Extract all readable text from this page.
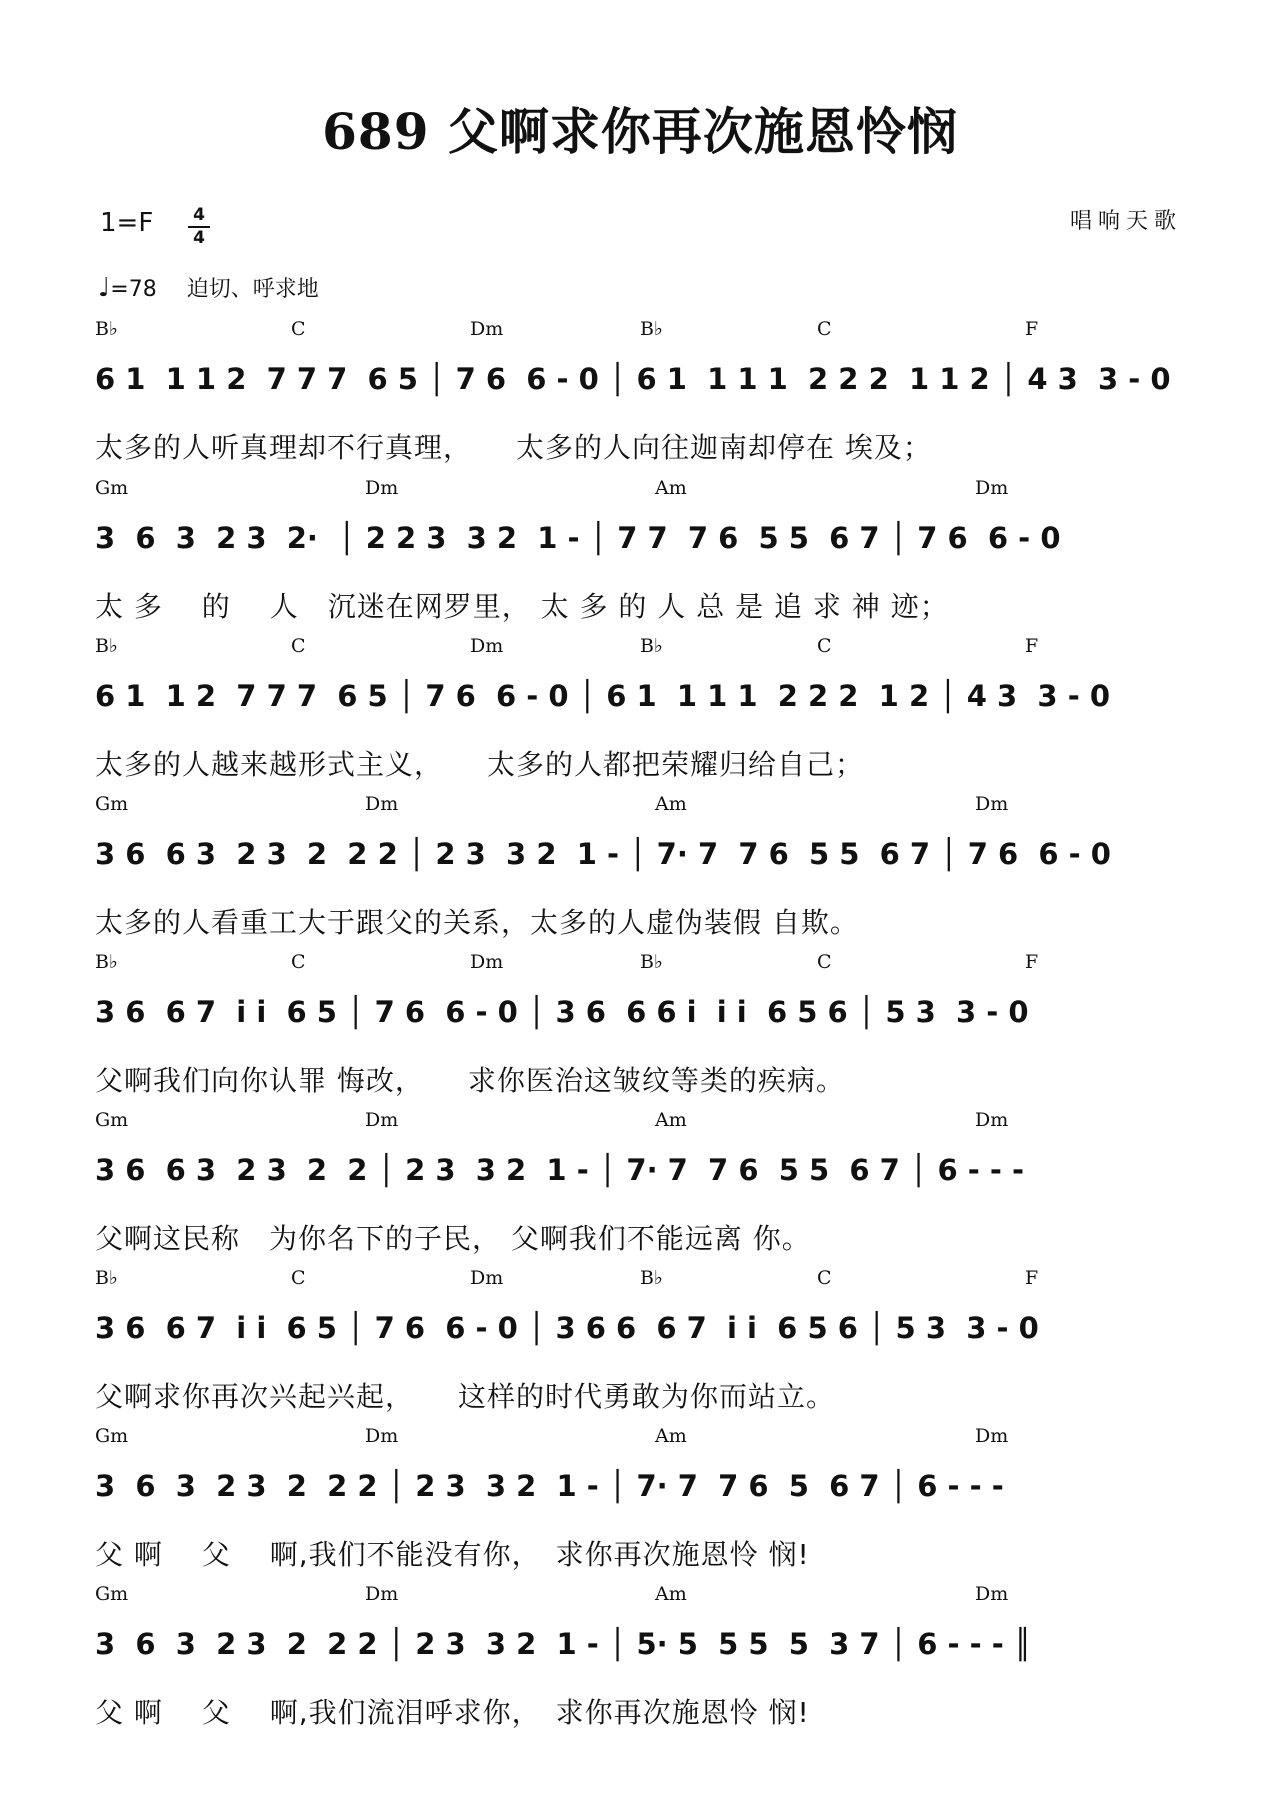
689 父啊求你再次施恩怜悯
1=F	4
4
唱响天歌
♩=78 迫切、呼求地
B♭	C	Dm	B♭	C	F
6 1  1 1 2  7 7 7  6 5 │ 7 6  6 - 0 │ 6 1  1 1 1  2 2 2  1 1 2 │ 4 3  3 - 0
太多的人听真理却不行真理，　　太多的人向往迦南却停在 埃及；
Gm	Dm	Am	Dm
3  6  3  2 3  2·  │ 2 2 3  3 2  1 - │ 7 7  7 6  5 5  6 7 │ 7 6  6 - 0
太 多　 的　 人　沉迷在网罗里， 太 多 的 人 总 是 追 求 神 迹；
B♭	C	Dm	B♭	C	F
6 1  1 2  7 7 7  6 5 │ 7 6  6 - 0 │ 6 1  1 1 1  2 2 2  1 2 │ 4 3  3 - 0
太多的人越来越形式主义，　　太多的人都把荣耀归给自己；
Gm	Dm	Am	Dm
3 6  6 3  2 3  2  2 2 │ 2 3  3 2  1 - │ 7· 7  7 6  5 5  6 7 │ 7 6  6 - 0
太多的人看重工大于跟父的关系，太多的人虚伪装假 自欺。
B♭	C	Dm	B♭	C	F
3 6  6 7  i i  6 5 │ 7 6  6 - 0 │ 3 6  6 6 i  i i  6 5 6 │ 5 3  3 - 0
父啊我们向你认罪 悔改，　　求你医治这皱纹等类的疾病。
Gm	Dm	Am	Dm
3 6  6 3  2 3  2  2 │ 2 3  3 2  1 - │ 7· 7  7 6  5 5  6 7 │ 6 - - -
父啊这民称　为你名下的子民， 父啊我们不能远离 你。
B♭	C	Dm	B♭	C	F
3 6  6 7  i i  6 5 │ 7 6  6 - 0 │ 3 6 6  6 7  i i  6 5 6 │ 5 3  3 - 0
父啊求你再次兴起兴起，　　这样的时代勇敢为你而站立。
Gm	Dm	Am	Dm
3  6  3  2 3  2  2 2 │ 2 3  3 2  1 - │ 7· 7  7 6  5  6 7 │ 6 - - -
父 啊　 父　 啊,我们不能没有你，　求你再次施恩怜 悯!
Gm	Dm	Am	Dm
3  6  3  2 3  2  2 2 │ 2 3  3 2  1 - │ 5· 5  5 5  5  3 7 │ 6 - - - ║
父 啊　 父　 啊,我们流泪呼求你，　求你再次施恩怜 悯!
